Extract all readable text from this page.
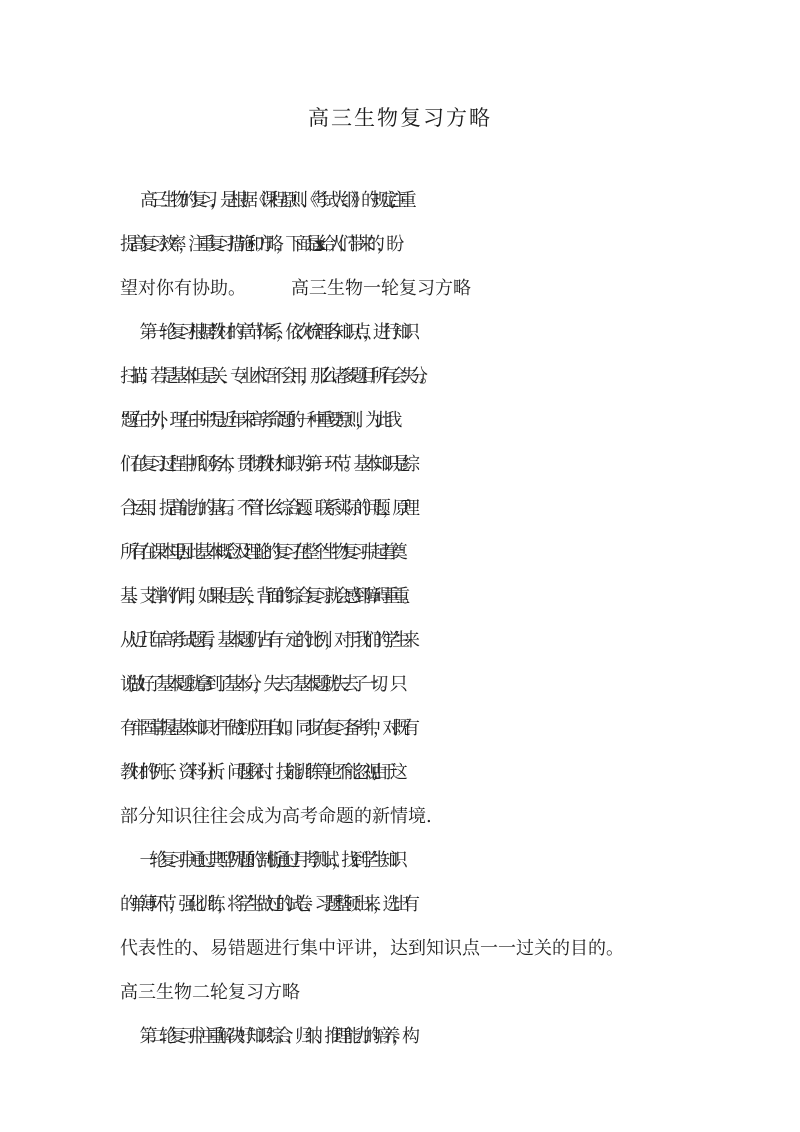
高三生物复习方略
　　高三生物的复习，是根据《课程原则、《考试大纲》的规定,注重
提高复习效率，注重复习措施和方略，下面是xx给人们带来的，盼
望对你有协助。　　　高三生物一轮复习方略
　　第一轮复习根据教材的章节体系，依次梳理各知识点，进行知识
扫描；若是基本但是关、专业术语不会用，那么诸多题目所有会失分。
“题在书外，理在书中”是近年来高考命题的一种重要原则，为此我
们在复习过程中抓纲务本，贯彻教材知识为第一环节。基本知识是综
合运用、提高能力的基石。不管什么综合题、联系实际的问题，原理
所有在课本里,因此基本概念及理论的复习在整个生物复习中起着奠
基、支撑的作用，如果但是关，背面的综合复习就会感到障碍重重。
从近几年高考试题看，基本题仍占有一定的比例，对于我们的学生来
说,做好了基本题就拿到了基本分，失去了基本题就失去了一切。只
有牢固掌握基本知识才干做到应用自如。同步在复习备考中，对既有
教材的例子、资料分析、问题探讨、技能训练等也不能忽视,由于这
部分知识往往会成为高考命题的新情境.
　　一轮复习中通过典型例题的剖析,通过月考测试，找到学生知识
的单薄环节，强化训练，将学生做过的试卷、习题整顿出来，选出有
代表性的、易错题进行集中评讲，达到知识点一一过关的目的。
高三生物二轮复习方略
　　第二轮复习中注重解决好知识综合、归纳、推理能力的培养，构
